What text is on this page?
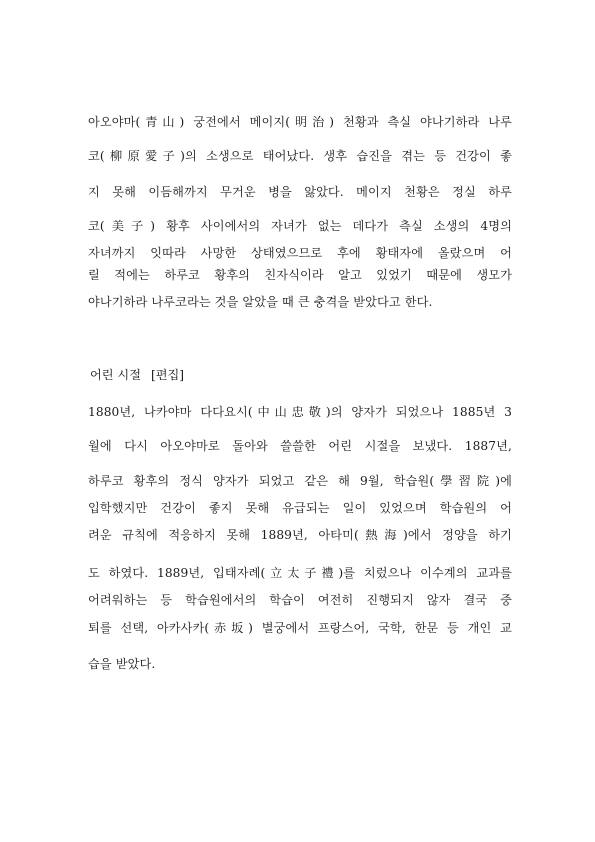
아오야마(青山) 궁전에서 메이지(明治) 천황과 측실 야나기하라 나루
코(柳原愛子)의 소생으로 태어났다. 생후 습진을 겪는 등 건강이 좋
지 못해 이듬해까지 무거운 병을 앓았다. 메이지 천황은 정실 하루
코(美子) 황후 사이에서의 자녀가 없는 데다가 측실 소생의 4명의
자녀까지 잇따라 사망한 상태였으므로 후에 황태자에 올랐으며 어
릴 적에는 하루코 황후의 친자식이라 알고 있었기 때문에 생모가
야나기하라 나루코라는 것을 알았을 때 큰 충격을 받았다고 한다.
어린 시절 [편집]
1880년, 나카야마 다다요시(中山忠敬)의 양자가 되었으나 1885년 3
월에 다시 아오야마로 돌아와 쓸쓸한 어린 시절을 보냈다. 1887년,
하루코 황후의 정식 양자가 되었고 같은 해 9월, 학습원(學習院)에
입학했지만 건강이 좋지 못해 유급되는 일이 있었으며 학습원의 어
려운 규칙에 적응하지 못해 1889년, 아타미(熱海)에서 정양을 하기
도 하였다. 1889년, 입태자례(立太子禮)를 치렀으나 이수계의 교과를
어려워하는 등 학습원에서의 학습이 여전히 진행되지 않자 결국 중
퇴를 선택, 아카사카(赤坂) 별궁에서 프랑스어, 국학, 한문 등 개인 교
습을 받았다.
